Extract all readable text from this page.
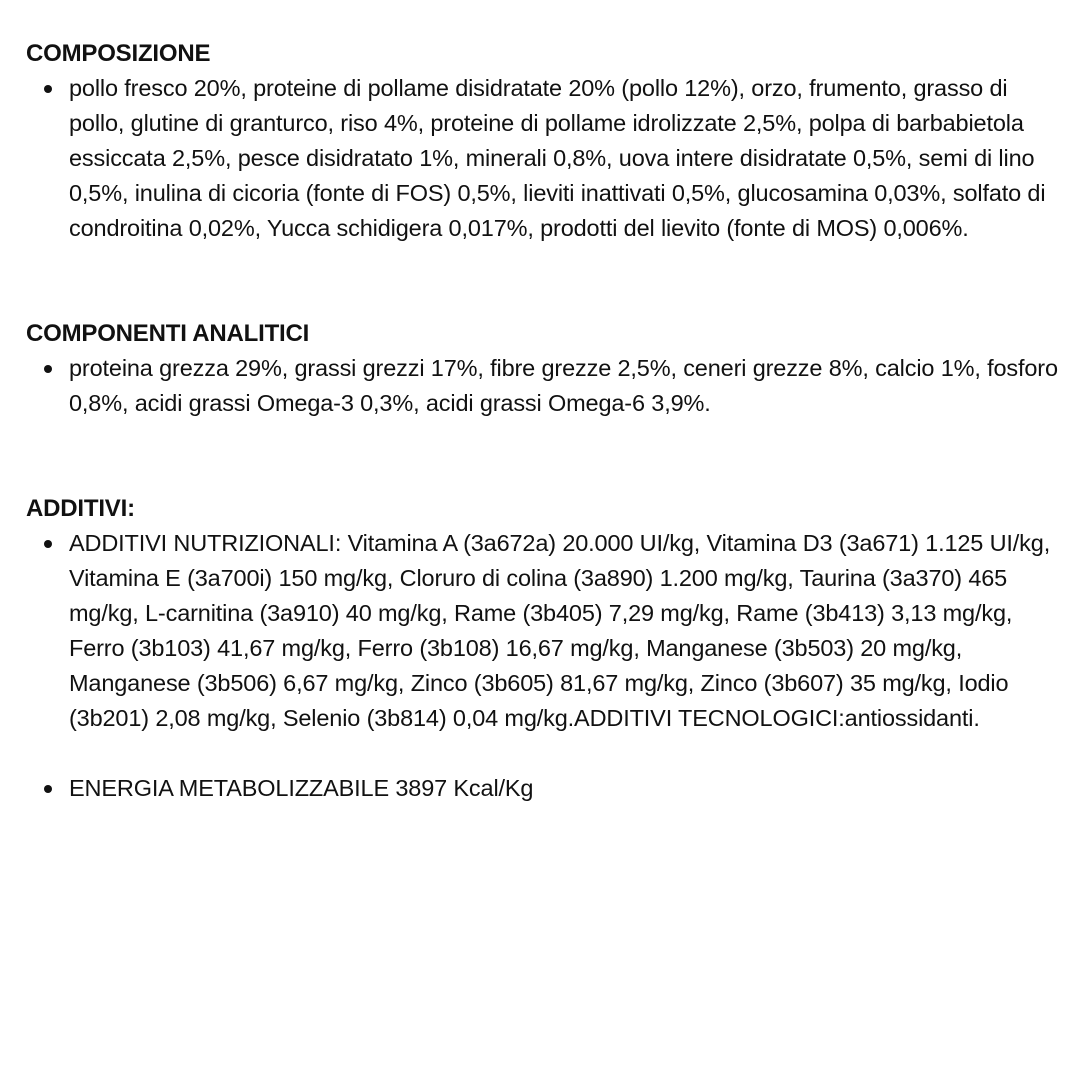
COMPOSIZIONE
pollo fresco 20%, proteine di pollame disidratate 20% (pollo 12%), orzo, frumento, grasso di pollo, glutine di granturco, riso 4%, proteine di pollame idrolizzate 2,5%, polpa di barbabietola essiccata 2,5%, pesce disidratato 1%, minerali 0,8%, uova intere disidratate 0,5%, semi di lino 0,5%, inulina di cicoria (fonte di FOS) 0,5%, lieviti inattivati 0,5%, glucosamina 0,03%, solfato di condroitina 0,02%, Yucca schidigera 0,017%, prodotti del lievito (fonte di MOS) 0,006%.
COMPONENTI ANALITICI
proteina grezza 29%, grassi grezzi 17%, fibre grezze 2,5%, ceneri grezze 8%, calcio 1%, fosforo 0,8%, acidi grassi Omega-3 0,3%, acidi grassi Omega-6 3,9%.
ADDITIVI:
ADDITIVI NUTRIZIONALI: Vitamina A (3a672a) 20.000 UI/kg, Vitamina D3 (3a671) 1.125 UI/kg, Vitamina E (3a700i) 150 mg/kg, Cloruro di colina (3a890) 1.200 mg/kg, Taurina (3a370) 465 mg/kg, L-carnitina (3a910) 40 mg/kg, Rame (3b405) 7,29 mg/kg, Rame (3b413) 3,13 mg/kg, Ferro (3b103) 41,67 mg/kg, Ferro (3b108) 16,67 mg/kg, Manganese (3b503) 20 mg/kg, Manganese (3b506) 6,67 mg/kg, Zinco (3b605) 81,67 mg/kg, Zinco (3b607) 35 mg/kg, Iodio (3b201) 2,08 mg/kg, Selenio (3b814) 0,04 mg/kg.ADDITIVI TECNOLOGICI:antiossidanti.
ENERGIA METABOLIZZABILE 3897 Kcal/Kg
